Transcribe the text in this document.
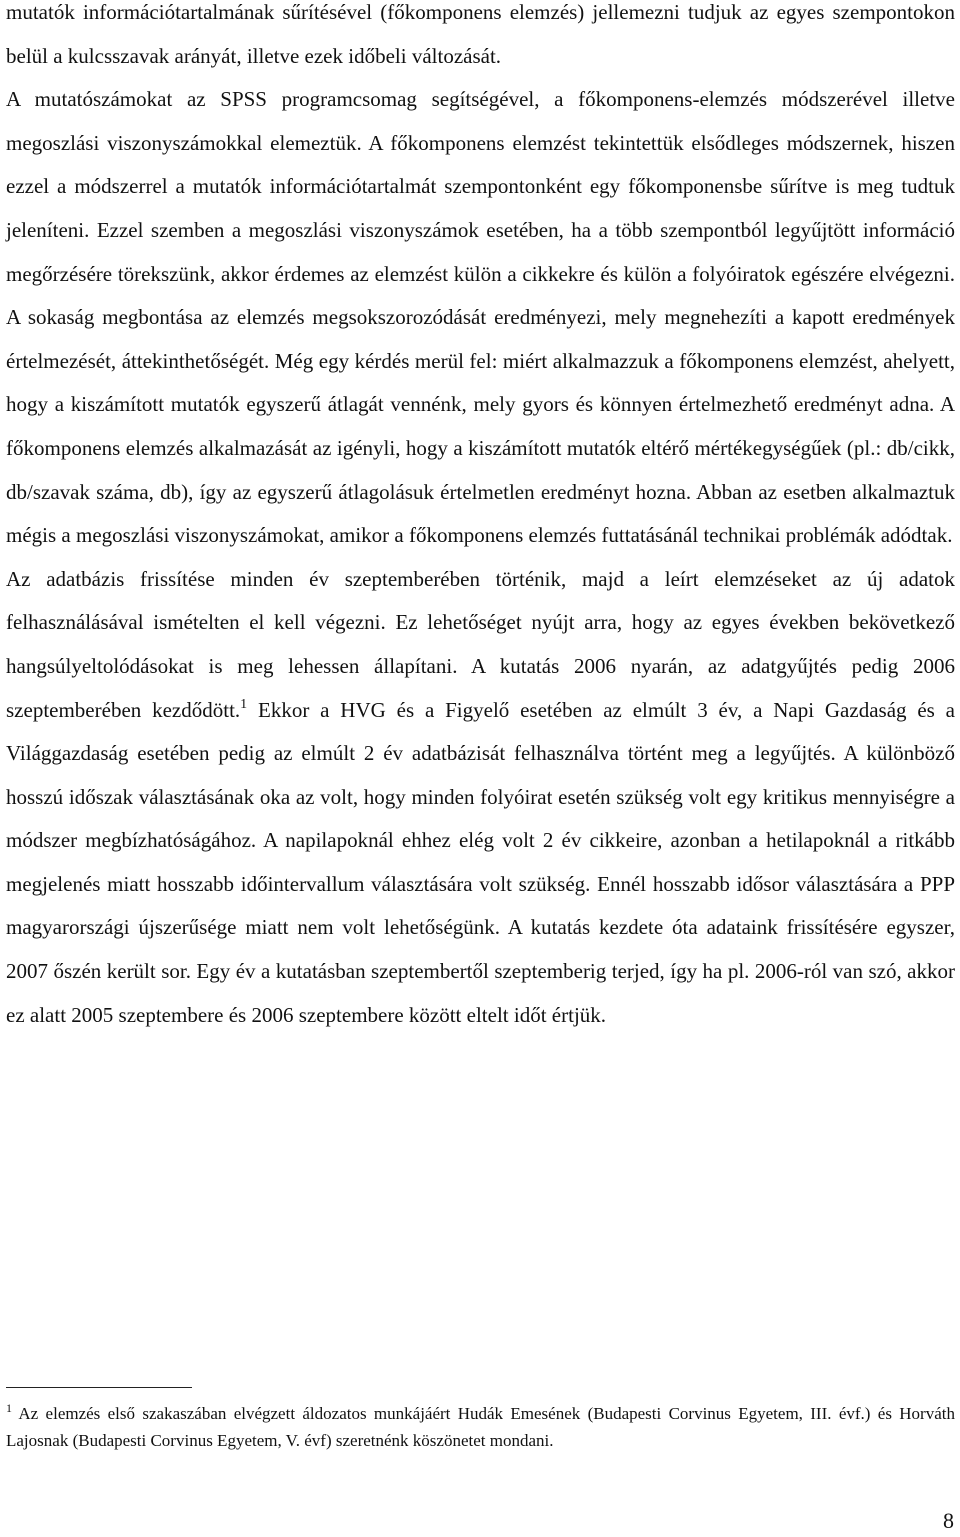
mutatók információtartalmának sűrítésével (főkomponens elemzés) jellemezni tudjuk az egyes szempontokon belül a kulcsszavak arányát, illetve ezek időbeli változását.

A mutatószámokat az SPSS programcsomag segítségével, a főkomponens-elemzés módszerével illetve megoszlási viszonyszámokkal elemeztük. A főkomponens elemzést tekintettük elsődleges módszernek, hiszen ezzel a módszerrel a mutatók információtartalmát szempontonként egy főkomponensbe sűrítve is meg tudtuk jeleníteni. Ezzel szemben a megoszlási viszonyszámok esetében, ha a több szempontból legyűjtött információ megőrzésére törekszünk, akkor érdemes az elemzést külön a cikkekre és külön a folyóiratok egészére elvégezni. A sokaság megbontása az elemzés megsokszorozódását eredményezi, mely megnehezíti a kapott eredmények értelmezését, áttekinthetőségét. Még egy kérdés merül fel: miért alkalmazzuk a főkomponens elemzést, ahelyett, hogy a kiszámított mutatók egyszerű átlagát vennénk, mely gyors és könnyen értelmezhető eredményt adna. A főkomponens elemzés alkalmazását az igényli, hogy a kiszámított mutatók eltérő mértékegységűek (pl.: db/cikk, db/szavak száma, db), így az egyszerű átlagolásuk értelmetlen eredményt hozna. Abban az esetben alkalmaztuk mégis a megoszlási viszonyszámokat, amikor a főkomponens elemzés futtatásánál technikai problémák adódtak.

Az adatbázis frissítése minden év szeptemberében történik, majd a leírt elemzéseket az új adatok felhasználásával ismételten el kell végezni. Ez lehetőséget nyújt arra, hogy az egyes években bekövetkező hangsúlyeltolódásokat is meg lehessen állapítani. A kutatás 2006 nyarán, az adatgyűjtés pedig 2006 szeptemberében kezdődött.$^1$ Ekkor a HVG és a Figyelő esetében az elmúlt 3 év, a Napi Gazdaság és a Világgazdaság esetében pedig az elmúlt 2 év adatbázisát felhasználva történt meg a legyűjtés. A különböző hosszú időszak választásának oka az volt, hogy minden folyóirat esetén szükség volt egy kritikus mennyiségre a módszer megbízhatóságához. A napilapoknál ehhez elég volt 2 év cikkeire, azonban a hetilapoknál a ritkább megjelenés miatt hosszabb időintervallum választására volt szükség. Ennél hosszabb idősor választására a PPP magyarországi újszerűsége miatt nem volt lehetőségünk. A kutatás kezdete óta adataink frissítésére egyszer, 2007 őszén került sor. Egy év a kutatásban szeptembertől szeptemberig terjed, így ha pl. 2006-ról van szó, akkor ez alatt 2005 szeptembere és 2006 szeptembere között eltelt időt értjük.

$^1$ Az elemzés első szakaszában elvégzett áldozatos munkájáért Hudák Emesének (Budapesti Corvinus Egyetem, III. évf.) és Horváth Lajosnak (Budapesti Corvinus Egyetem, V. évf) szeretnénk köszönetet mondani.

8
